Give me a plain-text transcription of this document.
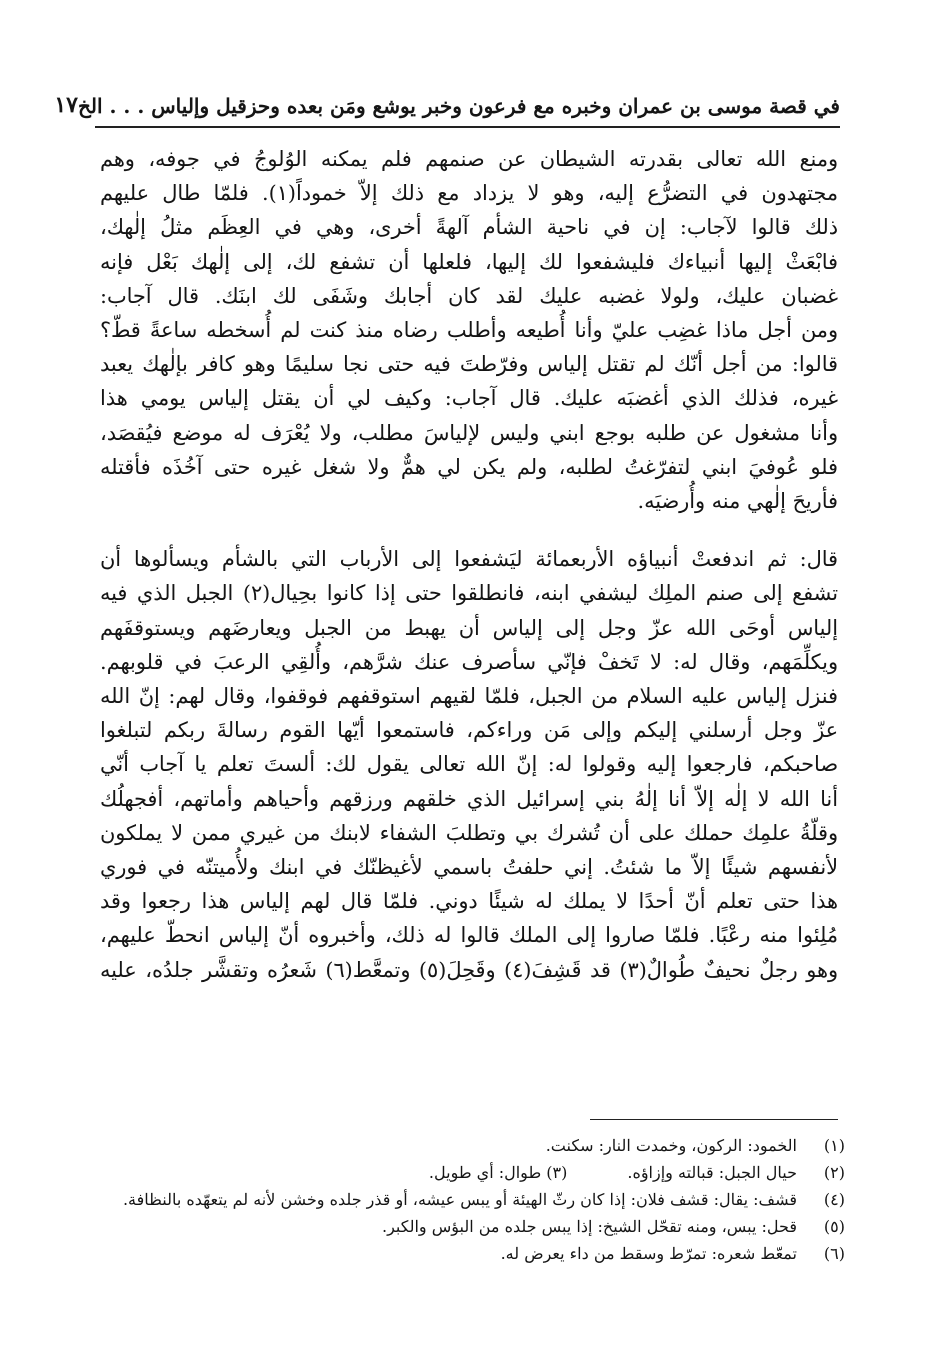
في قصة موسى بن عمران وخبره مع فرعون وخبر يوشع ومَن بعده وحزقيل وإلياس . . . الخ
١٧
ومنع الله تعالى بقدرته الشيطان عن صنمهم فلم يمكنه الوُلوجُ في جوفه، وهم
مجتهدون في التضرُّع إليه، وهو لا يزداد مع ذلك إلاّ خموداً(١). فلمّا طال عليهم
ذلك قالوا لآجاب: إن في ناحية الشأم آلهةً أخرى، وهي في العِظَم مثلُ إلٰهك،
فابْعَثْ إليها أنبياءك فليشفعوا لك إليها، فلعلها أن تشفع لك، إلى إلٰهك بَعْل فإنه
غضبان عليك، ولولا غضبه عليك لقد كان أجابك وشَفَى لك ابنَك. قال آجاب:
ومن أجل ماذا غضِب عليّ وأنا أُطيعه وأطلب رضاه منذ كنت لم أُسخطه ساعةً قطّ؟
قالوا: من أجل أنّك لم تقتل إلياس وفرّطتَ فيه حتى نجا سليمًا وهو كافر بإلٰهك يعبد
غيره، فذلك الذي أغضبَه عليك. قال آجاب: وكيف لي أن يقتل إلياس يومي هذا
وأنا مشغول عن طلبه بوجع ابني وليس لإلياسَ مطلب، ولا يُعْرَف له موضع فيُقصَد،
فلو عُوفيَ ابني لتفرّغتُ لطلبه، ولم يكن لي همٌّ ولا شغل غيره حتى آخُذَه فأقتله
فأريحَ إلٰهي منه وأُرضيَه.
قال: ثم اندفعتْ أنبياؤه الأربعمائة ليَشفعوا إلى الأرباب التي بالشأم ويسألوها أن
تشفع إلى صنم الملِك ليشفي ابنه، فانطلقوا حتى إذا كانوا بحِيال(٢) الجبل الذي فيه
إلياس أوحَى الله عزّ وجل إلى إلياس أن يهبط من الجبل ويعارضَهم ويستوقفَهم
ويكلِّمَهم، وقال له: لا تَخفْ فإنّي سأصرف عنك شرَّهم، وأُلقِي الرعبَ في قلوبهم.
فنزل إلياس عليه السلام من الجبل، فلمّا لقيهم استوقفهم فوقفوا، وقال لهم: إنّ الله
عزّ وجل أرسلني إليكم وإلى مَن وراءكم، فاستمعوا أيّها القوم رسالةَ ربكم لتبلغوا
صاحبكم، فارجعوا إليه وقولوا له: إنّ الله تعالى يقول لك: ألستَ تعلم يا آجاب أنّي
أنا الله لا إلٰه إلاّ أنا إلٰهُ بني إسرائيل الذي خلقهم ورزقهم وأحياهم وأماتهم، أفجهلُك
وقلّةُ علمِك حملك على أن تُشرك بي وتطلبَ الشفاء لابنك من غيري ممن لا يملكون
لأنفسهم شيئًا إلاّ ما شئتُ. إني حلفتُ باسمي لأغيظنّك في ابنك ولأُميتنّه في فوري
هذا حتى تعلم أنّ أحدًا لا يملك له شيئًا دوني. فلمّا قال لهم إلياس هذا رجعوا وقد
مُلِئوا منه رعْبًا. فلمّا صاروا إلى الملك قالوا له ذلك، وأخبروه أنّ إلياس انحطّ عليهم،
وهو رجلٌ نحيفٌ طُوالٌ(٣) قد قَشِفَ(٤) وقَحِلَ(٥) وتمعَّط(٦) شَعرُه وتقشَّر جلدُه، عليه
(١)
الخمود: الركون، وخمدت النار: سكنت.
(٢)
حيال الجبل: قبالته وإزاؤه.(٣) طوال: أي طويل.
(٤)
قشف: يقال: قشف فلان: إذا كان رثّ الهيئة أو يبس عيشه، أو قذر جلده وخشن لأنه لم يتعهّده بالنظافة.
(٥)
قحل: يبس، ومنه تقحّل الشيخ: إذا يبس جلده من البؤس والكبر.
(٦)
تمعّط شعره: تمرّط وسقط من داء يعرض له.
